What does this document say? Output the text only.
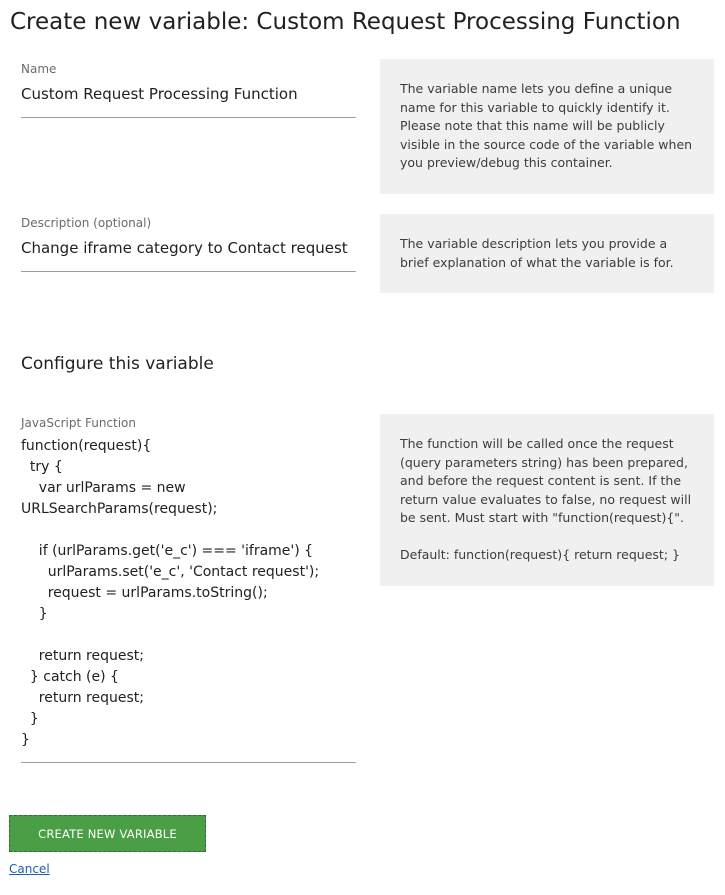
Create new variable: Custom Request Processing Function
Name
Custom Request Processing Function	The variable name lets you define a unique name for this variable to quickly identify it. Please note that this name will be publicly visible in the source code of the variable when you preview/debug this container.

Description (optional)
Change iframe category to Contact request	The variable description lets you provide a brief explanation of what the variable is for.

Configure this variable
JavaScript Function
function(request){
try {
var urlParams = new
URLSearchParams(request);

if (urlParams.get('e_c') === 'iframe') {
urlParams.set('e_c', 'Contact request');
request = urlParams.toString();
}

return request;
} catch (e) {
return request;
}
}

The function will be called once the request (query parameters string) has been prepared, and before the request content is sent. If the return value evaluates to false, no request will be sent. Must start with "function(request){".

Default: function(request){ return request; }

CREATE NEW VARIABLE
Cancel
